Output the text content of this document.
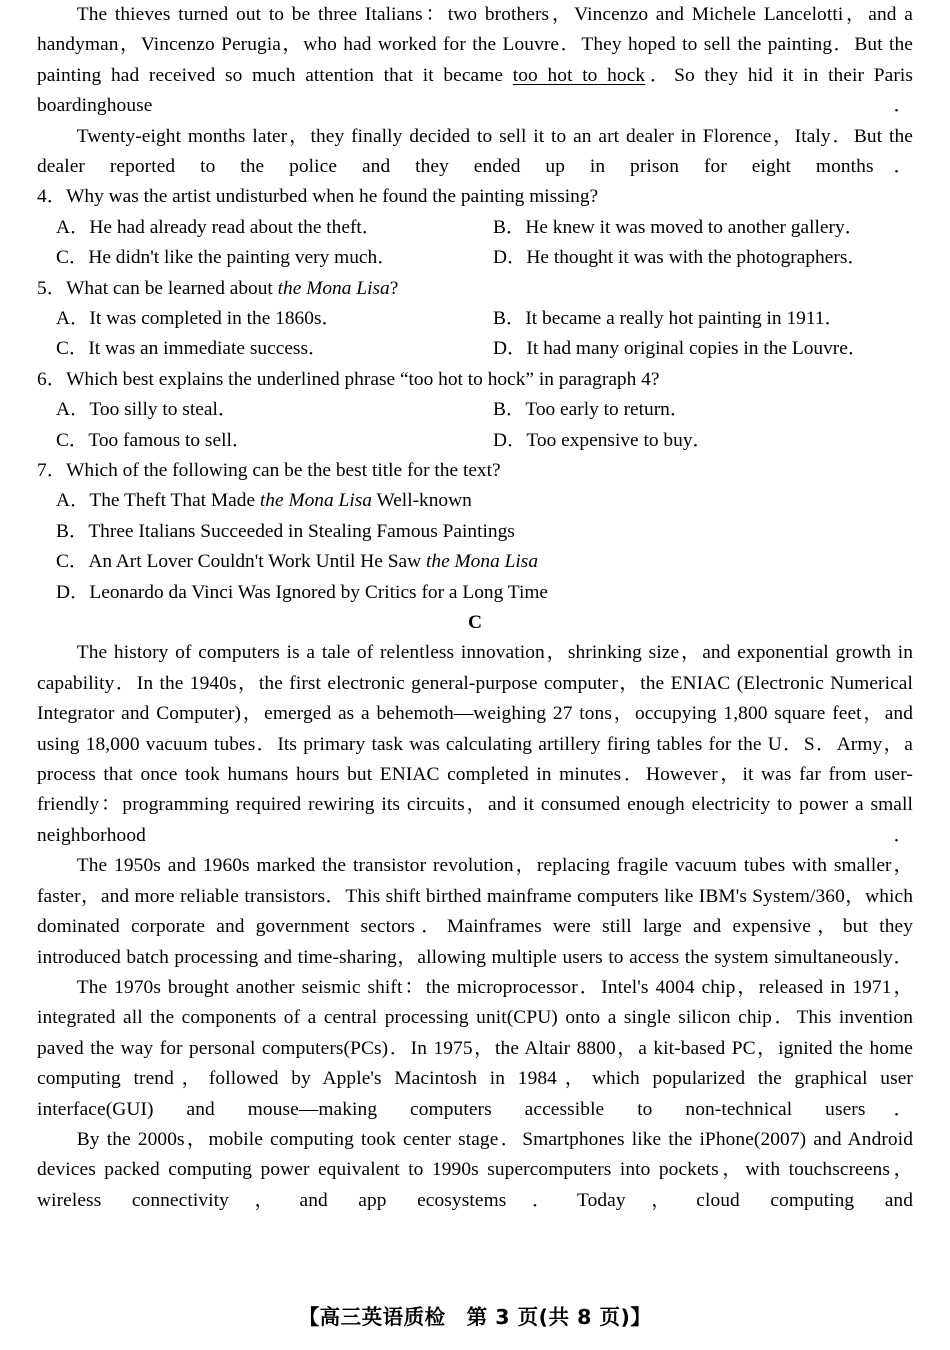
The thieves turned out to be three Italians：two brothers，Vincenzo and Michele Lancelotti，and a handyman，Vincenzo Perugia，who had worked for the Louvre．They hoped to sell the painting．But the painting had received so much attention that it became too hot to hock．So they hid it in their Paris boardinghouse．

Twenty-eight months later，they finally decided to sell it to an art dealer in Florence，Italy．But the dealer reported to the police and they ended up in prison for eight months．

4．Why was the artist undisturbed when he found the painting missing?

A．He had already read about the theft．	B．He knew it was moved to another gallery．
C．He didn't like the painting very much．	D．He thought it was with the photographers．

5．What can be learned about the Mona Lisa?

A．It was completed in the 1860s．	B．It became a really hot painting in 1911．
C．It was an immediate success．	D．It had many original copies in the Louvre．

6．Which best explains the underlined phrase “too hot to hock” in paragraph 4?

A．Too silly to steal．	B．Too early to return．
C．Too famous to sell．	D．Too expensive to buy．

7．Which of the following can be the best title for the text?

A．The Theft That Made the Mona Lisa Well-known

B．Three Italians Succeeded in Stealing Famous Paintings

C．An Art Lover Couldn't Work Until He Saw the Mona Lisa

D．Leonardo da Vinci Was Ignored by Critics for a Long Time

C

The history of computers is a tale of relentless innovation，shrinking size，and exponential growth in capability．In the 1940s，the first electronic general-purpose computer，the ENIAC (Electronic Numerical Integrator and Computer)，emerged as a behemoth—weighing 27 tons，occupying 1,800 square feet，and using 18,000 vacuum tubes．Its primary task was calculating artillery firing tables for the U．S．Army，a process that once took humans hours but ENIAC completed in minutes．However，it was far from user-friendly：programming required rewiring its circuits，and it consumed enough electricity to power a small neighborhood．

The 1950s and 1960s marked the transistor revolution，replacing fragile vacuum tubes with smaller，faster，and more reliable transistors．This shift birthed mainframe computers like IBM's System/360，which dominated corporate and government sectors．Mainframes were still large and expensive，but they introduced batch processing and time-sharing，allowing multiple users to access the system simultaneously．

The 1970s brought another seismic shift：the microprocessor．Intel's 4004 chip，released in 1971，integrated all the components of a central processing unit(CPU) onto a single silicon chip．This invention paved the way for personal computers(PCs)．In 1975，the Altair 8800，a kit-based PC，ignited the home computing trend，followed by Apple's Macintosh in 1984，which popularized the graphical user interface(GUI) and mouse—making computers accessible to non-technical users．

By the 2000s，mobile computing took center stage．Smartphones like the iPhone(2007) and Android devices packed computing power equivalent to 1990s supercomputers into pockets，with touchscreens，wireless connectivity，and app ecosystems．Today，cloud computing and

【高三英语质检　第 3 页(共 8 页)】
